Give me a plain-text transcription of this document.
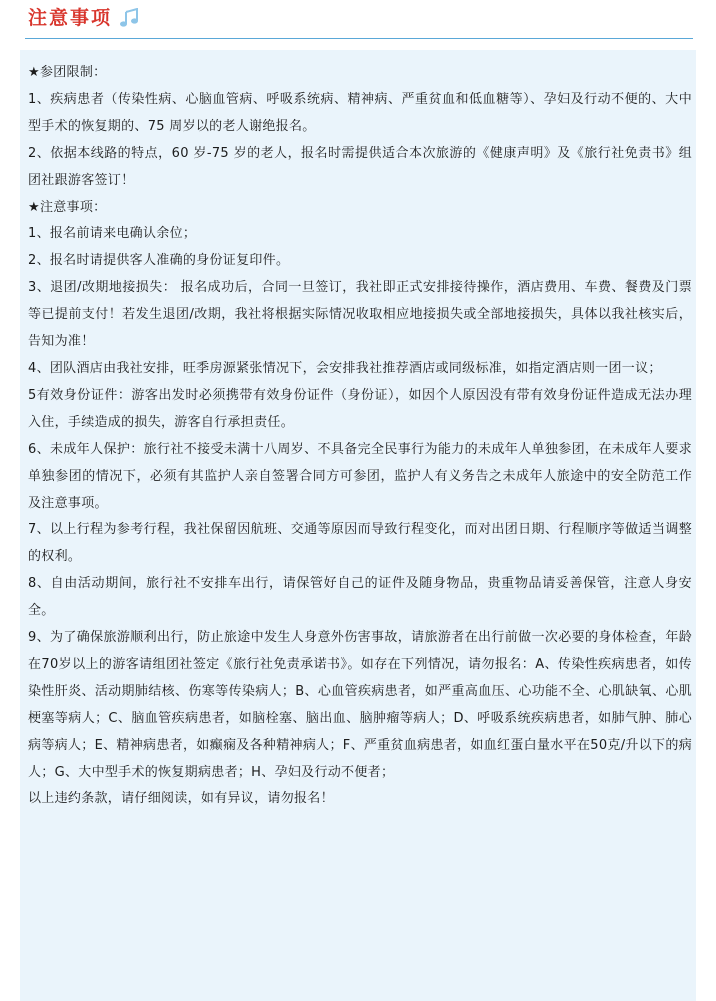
注意事项

★参团限制：

1、疾病患者（传染性病、心脑血管病、呼吸系统病、精神病、严重贫血和低血糖等）、孕妇及行动不便的、大中型手术的恢复期的、75 周岁以的老人谢绝报名。

2、依据本线路的特点，60 岁-75 岁的老人，报名时需提供适合本次旅游的《健康声明》及《旅行社免责书》组团社跟游客签订！

★注意事项：

1、报名前请来电确认余位；

2、报名时请提供客人准确的身份证复印件。

3、退团/改期地接损失： 报名成功后，合同一旦签订，我社即正式安排接待操作，酒店费用、车费、餐费及门票等已提前支付！若发生退团/改期，我社将根据实际情况收取相应地接损失或全部地接损失，具体以我社核实后，告知为准！

4、团队酒店由我社安排，旺季房源紧张情况下，会安排我社推荐酒店或同级标准，如指定酒店则一团一议；

5有效身份证件：游客出发时必须携带有效身份证件（身份证），如因个人原因没有带有效身份证件造成无法办理入住，手续造成的损失，游客自行承担责任。

6、未成年人保护：旅行社不接受未满十八周岁、不具备完全民事行为能力的未成年人单独参团，在未成年人要求单独参团的情况下，必须有其监护人亲自签署合同方可参团，监护人有义务告之未成年人旅途中的安全防范工作及注意事项。

7、以上行程为参考行程，我社保留因航班、交通等原因而导致行程变化，而对出团日期、行程顺序等做适当调整的权利。

8、自由活动期间，旅行社不安排车出行，请保管好自己的证件及随身物品，贵重物品请妥善保管，注意人身安全。

9、为了确保旅游顺利出行，防止旅途中发生人身意外伤害事故，请旅游者在出行前做一次必要的身体检查，年龄在70岁以上的游客请组团社签定《旅行社免责承诺书》。如存在下列情况，请勿报名：A、传染性疾病患者，如传染性肝炎、活动期肺结核、伤寒等传染病人；B、心血管疾病患者，如严重高血压、心功能不全、心肌缺氧、心肌梗塞等病人；C、脑血管疾病患者，如脑栓塞、脑出血、脑肿瘤等病人；D、呼吸系统疾病患者，如肺气肿、肺心病等病人；E、精神病患者，如癫痫及各种精神病人；F、严重贫血病患者，如血红蛋白量水平在50克/升以下的病人；G、大中型手术的恢复期病患者；H、孕妇及行动不便者；

以上违约条款，请仔细阅读，如有异议，请勿报名！
